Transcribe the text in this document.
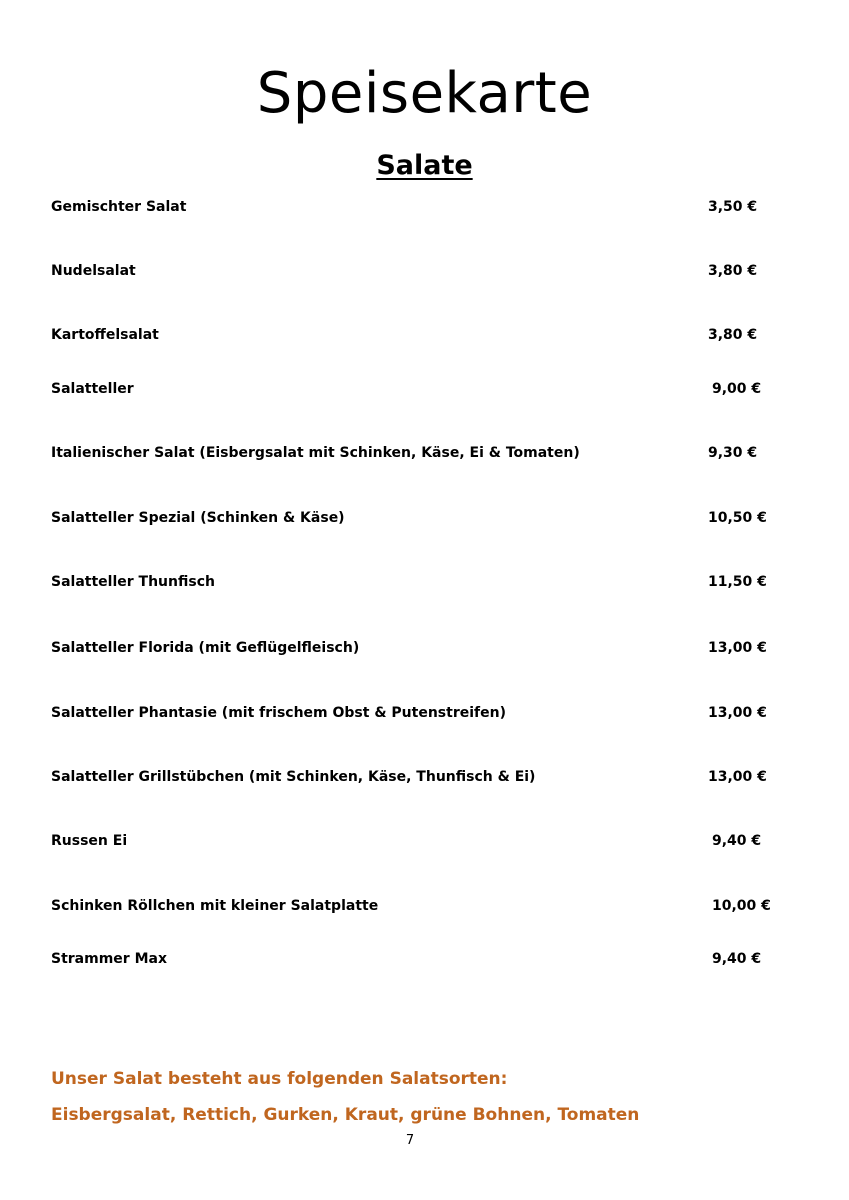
Speisekarte
Salate
Gemischter Salat	3,50 €
Nudelsalat	3,80 €
Kartoffelsalat	3,80 €
Salatteller	9,00 €
Italienischer Salat (Eisbergsalat mit Schinken, Käse, Ei & Tomaten)	9,30 €
Salatteller Spezial (Schinken & Käse)	10,50 €
Salatteller Thunfisch	11,50 €
Salatteller Florida (mit Geflügelfleisch)	13,00 €
Salatteller Phantasie (mit frischem Obst & Putenstreifen)	13,00 €
Salatteller Grillstübchen (mit Schinken, Käse, Thunfisch & Ei)	13,00 €
Russen Ei	9,40 €
Schinken Röllchen mit kleiner Salatplatte	10,00 €
Strammer Max	9,40 €
Unser Salat besteht aus folgenden Salatsorten:
Eisbergsalat, Rettich, Gurken, Kraut, grüne Bohnen, Tomaten
7
